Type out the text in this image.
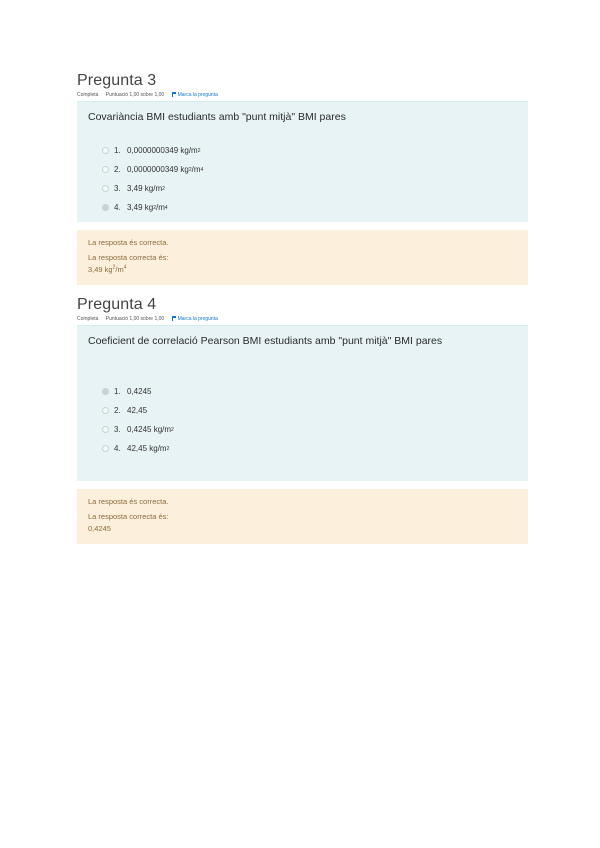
Pregunta 3
Completa Puntuació 1,00 sobre 1,00	Marca la pregunta

Covariància BMI estudiants amb "punt mitjà" BMI pares

1. 0,0000000349 kg/m 2
2. 0,0000000349 kg 2 /m 4
3. 3,49 kg/m 2
4. 3,49 kg 2 /m 4
La resposta és correcta.
La resposta correcta és:
3,49 $kg^2/m^4$
Pregunta 4
Completa Puntuació 1,00 sobre 1,00	Marca la pregunta

Coeficient de correlació Pearson BMI estudiants amb "punt mitjà" BMI pares

1. 0,4245
2. 42,45
3. 0,4245 kg/m 2
4. 42,45 kg/m 2
La resposta és correcta.
La resposta correcta és:
0,4245
